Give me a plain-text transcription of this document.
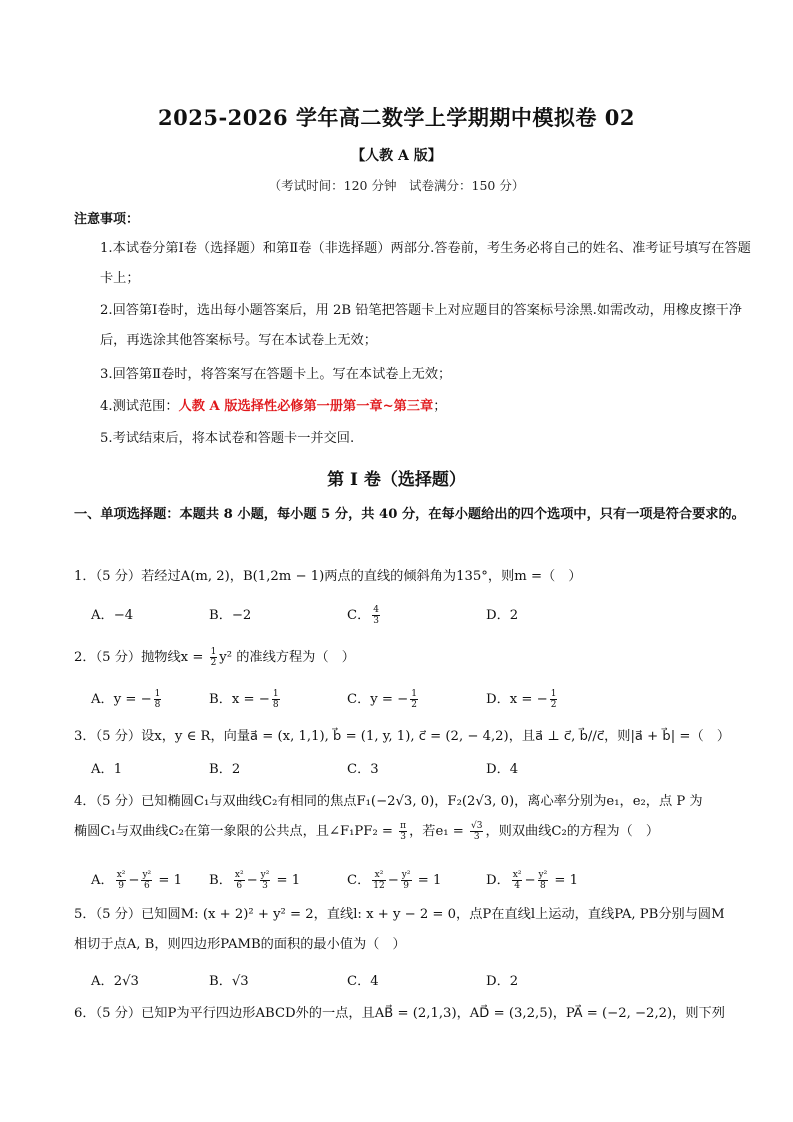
2025-2026 学年高二数学上学期期中模拟卷 02
【人教 A 版】
（考试时间：120 分钟　试卷满分：150 分）
注意事项：
1.本试卷分第Ⅰ卷（选择题）和第Ⅱ卷（非选择题）两部分.答卷前，考生务必将自己的姓名、准考证号填写在答题卡上；
2.回答第Ⅰ卷时，选出每小题答案后，用 2B 铅笔把答题卡上对应题目的答案标号涂黑.如需改动，用橡皮擦干净后，再选涂其他答案标号。写在本试卷上无效；
3.回答第Ⅱ卷时，将答案写在答题卡上。写在本试卷上无效；
4.测试范围：人教 A 版选择性必修第一册第一章~第三章；
5.考试结束后，将本试卷和答题卡一并交回.
第 I 卷（选择题）
一、单项选择题：本题共 8 小题，每小题 5 分，共 40 分，在每小题给出的四个选项中，只有一项是符合要求的。
1．（5 分）若经过A(m, 2)，B(1,2m − 1)两点的直线的倾斜角为135°，则m =（　）
A．−4	B．−2	C． $\frac{4}{3}$	D．2
2．（5 分）抛物线$x = \frac{1}{2} y^2$ 的准线方程为（　）
A．y = − $\frac{1}{8}$	B．x = − $\frac{1}{8}$	C．y = − $\frac{1}{2}$	D．x = − $\frac{1}{2}$
3．（5 分）设x，y ∈ R，向量a⃗ = (x, 1,1), b⃗ = (1, y, 1), c⃗ = (2, − 4,2)，且a⃗ ⊥ c⃗, b⃗//c⃗，则|a⃗ + b⃗| =（　）
A．1	B．2	C．3	D．4
4．（5 分）已知椭圆C₁与双曲线C₂有相同的焦点F₁(−2√3, 0)，F₂(2√3, 0)，离心率分别为e₁，e₂，点 P 为
椭圆C₁与双曲线C₂在第一象限的公共点，且∠F₁PF₂ = $\frac{\pi}{3}$ ，若$e_1 = \frac{√3}{3}$ ，则双曲线C₂的方程为（　）
A． $\frac{\text{x²}}{9} - \frac{\text{y²}}{6} = 1$ B． $\frac{\text{x²}}{6} - \frac{\text{y²}}{3} = 1$	C． $\frac{\text{x²}}{12} - \frac{\text{y²}}{9} = 1$	D． $\frac{\text{x²}}{4} - \frac{\text{y²}}{8} = 1$
5．（5 分）已知圆M: (x + 2)² + y² = 2，直线l: x + y − 2 = 0，点P在直线l上运动，直线PA, PB分别与圆M
相切于点A, B，则四边形PAMB的面积的最小值为（　）
A．2√3	B．√3	C．4	D．2
6．（5 分）已知P为平行四边形ABCD外的一点，且AB⃗ = (2,1,3)，AD⃗ = (3,2,5)，PA⃗ = (−2, −2,2)，则下列
